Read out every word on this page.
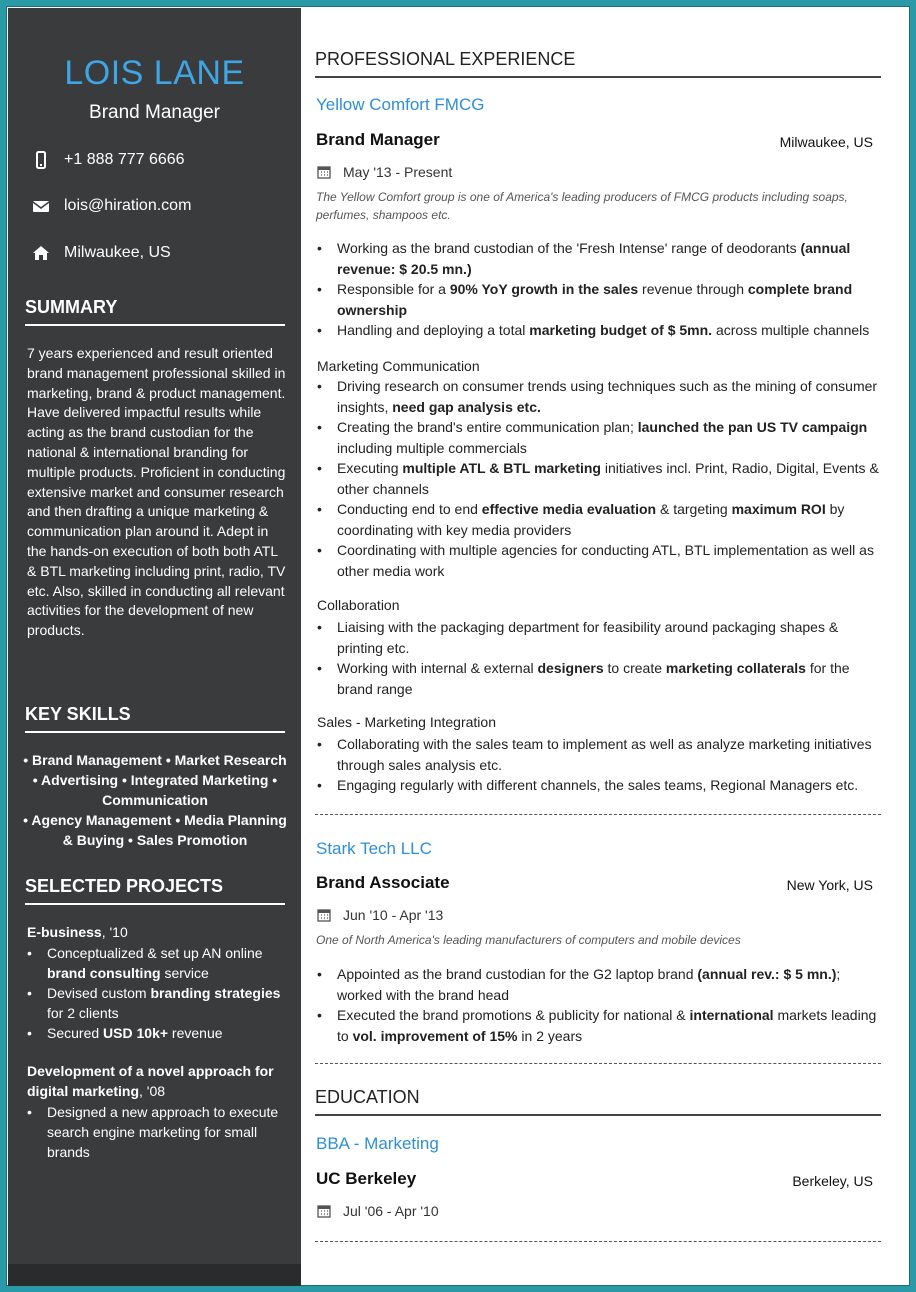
LOIS LANE
Brand Manager
+1 888 777 6666
lois@hiration.com
Milwaukee, US
SUMMARY
7 years experienced and result oriented brand management professional skilled in marketing, brand & product management. Have delivered impactful results while acting as the brand custodian for the national & international branding for multiple products. Proficient in conducting extensive market and consumer research and then drafting a unique marketing & communication plan around it. Adept in the hands-on execution of both both ATL & BTL marketing including print, radio, TV etc. Also, skilled in conducting all relevant activities for the development of new products.
KEY SKILLS
• Brand Management • Market Research
• Advertising • Integrated Marketing •
Communication
• Agency Management • Media Planning
& Buying • Sales Promotion
SELECTED PROJECTS
E-business, '10
• Conceptualized & set up AN online brand consulting service
• Devised custom branding strategies for 2 clients
• Secured USD 10k+ revenue
Development of a novel approach for digital marketing, '08
• Designed a new approach to execute search engine marketing for small brands
PROFESSIONAL EXPERIENCE
Yellow Comfort FMCG
Brand Manager	Milwaukee, US
May '13 - Present
The Yellow Comfort group is one of America's leading producers of FMCG products including soaps, perfumes, shampoos etc.
• Working as the brand custodian of the 'Fresh Intense' range of deodorants (annual revenue: $ 20.5 mn.)
• Responsible for a 90% YoY growth in the sales revenue through complete brand ownership
• Handling and deploying a total marketing budget of $ 5mn. across multiple channels
Marketing Communication
• Driving research on consumer trends using techniques such as the mining of consumer insights, need gap analysis etc.
• Creating the brand's entire communication plan; launched the pan US TV campaign including multiple commercials
• Executing multiple ATL & BTL marketing initiatives incl. Print, Radio, Digital, Events & other channels
• Conducting end to end effective media evaluation & targeting maximum ROI by coordinating with key media providers
• Coordinating with multiple agencies for conducting ATL, BTL implementation as well as other media work
Collaboration
• Liaising with the packaging department for feasibility around packaging shapes & printing etc.
• Working with internal & external designers to create marketing collaterals for the brand range
Sales - Marketing Integration
• Collaborating with the sales team to implement as well as analyze marketing initiatives through sales analysis etc.
• Engaging regularly with different channels, the sales teams, Regional Managers etc.
Stark Tech LLC
Brand Associate	New York, US
Jun '10 - Apr '13
One of North America's leading manufacturers of computers and mobile devices
• Appointed as the brand custodian for the G2 laptop brand (annual rev.: $ 5 mn.); worked with the brand head
• Executed the brand promotions & publicity for national & international markets leading to vol. improvement of 15% in 2 years
EDUCATION
BBA - Marketing
UC Berkeley	Berkeley, US
Jul '06 - Apr '10
